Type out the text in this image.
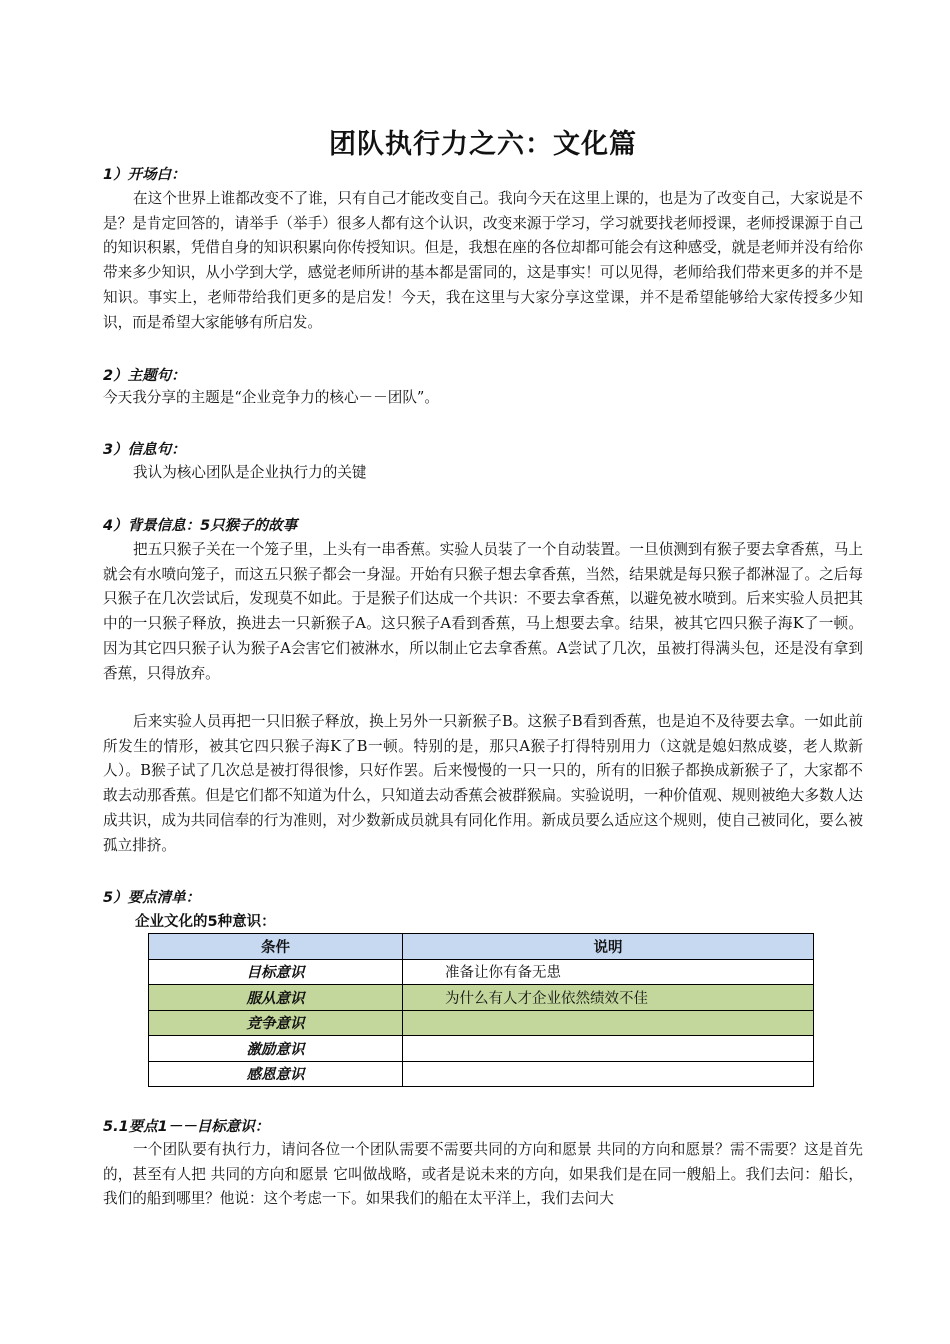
团队执行力之六：文化篇

1）开场白：

在这个世界上谁都改变不了谁，只有自己才能改变自己。我向今天在这里上课的，也是为了改变自己，大家说是不是？是肯定回答的，请举手（举手）很多人都有这个认识，改变来源于学习，学习就要找老师授课，老师授课源于自己的知识积累，凭借自身的知识积累向你传授知识。但是，我想在座的各位却都可能会有这种感受，就是老师并没有给你带来多少知识，从小学到大学，感觉老师所讲的基本都是雷同的，这是事实！可以见得，老师给我们带来更多的并不是知识。事实上，老师带给我们更多的是启发！今天，我在这里与大家分享这堂课，并不是希望能够给大家传授多少知识，而是希望大家能够有所启发。

2）主题句：

今天我分享的主题是“企业竞争力的核心－－团队”。

3）信息句：

我认为核心团队是企业执行力的关键

4）背景信息：5只猴子的故事

把五只猴子关在一个笼子里，上头有一串香蕉。实验人员装了一个自动装置。一旦侦测到有猴子要去拿香蕉，马上就会有水喷向笼子，而这五只猴子都会一身湿。开始有只猴子想去拿香蕉，当然，结果就是每只猴子都淋湿了。之后每只猴子在几次尝试后，发现莫不如此。于是猴子们达成一个共识：不要去拿香蕉，以避免被水喷到。后来实验人员把其中的一只猴子释放，换进去一只新猴子A。这只猴子A看到香蕉，马上想要去拿。结果，被其它四只猴子海K了一顿。因为其它四只猴子认为猴子A会害它们被淋水，所以制止它去拿香蕉。A尝试了几次，虽被打得满头包，还是没有拿到香蕉，只得放弃。

后来实验人员再把一只旧猴子释放，换上另外一只新猴子B。这猴子B看到香蕉，也是迫不及待要去拿。一如此前所发生的情形，被其它四只猴子海K了B一顿。特别的是，那只A猴子打得特别用力（这就是媳妇熬成婆，老人欺新人）。B猴子试了几次总是被打得很惨，只好作罢。后来慢慢的一只一只的，所有的旧猴子都换成新猴子了，大家都不敢去动那香蕉。但是它们都不知道为什么，只知道去动香蕉会被群猴扁。实验说明，一种价值观、规则被绝大多数人达成共识，成为共同信奉的行为准则，对少数新成员就具有同化作用。新成员要么适应这个规则，使自己被同化，要么被孤立排挤。

5）要点清单：

企业文化的5种意识：

条件	说明
目标意识	准备让你有备无患
服从意识	为什么有人才企业依然绩效不佳
竞争意识	
激励意识	
感恩意识	

5.1要点1－－目标意识：

一个团队要有执行力，请问各位一个团队需要不需要共同的方向和愿景 共同的方向和愿景？需不需要？这是首先的，甚至有人把 共同的方向和愿景 它叫做战略，或者是说未来的方向，如果我们是在同一艘船上。我们去问：船长，我们的船到哪里？他说：这个考虑一下。如果我们的船在太平洋上，我们去问大
